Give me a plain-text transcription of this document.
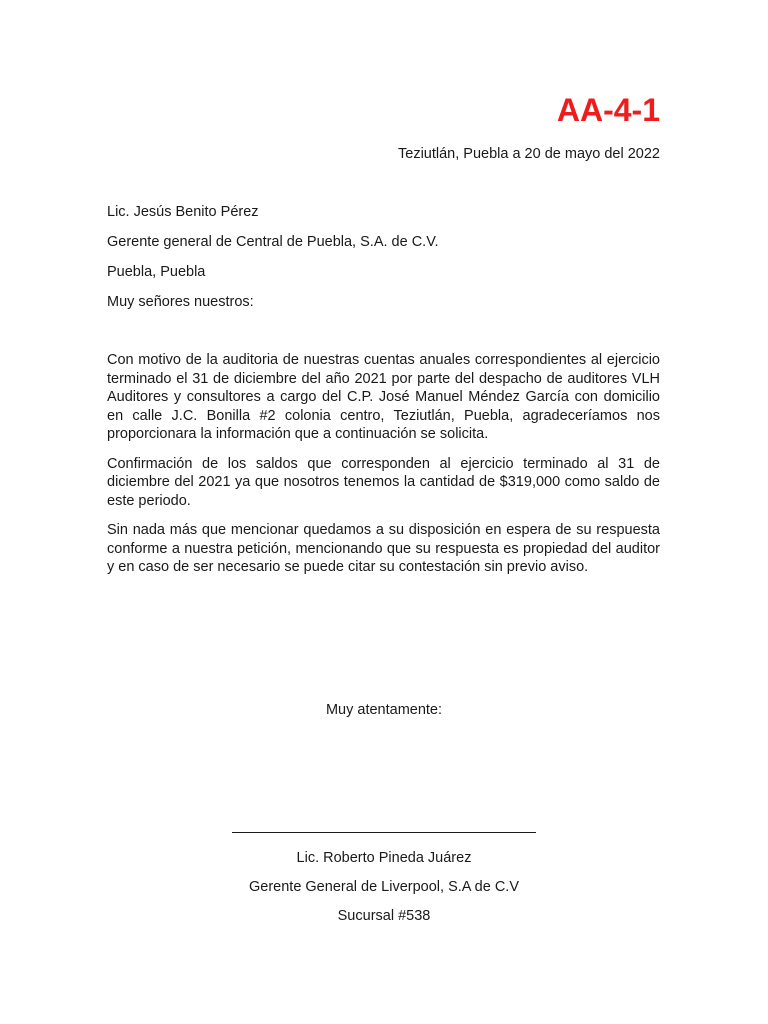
AA-4-1
Teziutlán, Puebla a 20 de mayo del 2022
Lic. Jesús Benito Pérez
Gerente general de Central de Puebla, S.A. de C.V.
Puebla, Puebla
Muy señores nuestros:

Con motivo de la auditoria de nuestras cuentas anuales correspondientes al ejercicio terminado el 31 de diciembre del año 2021 por parte del despacho de auditores VLH Auditores y consultores a cargo del C.P. José Manuel Méndez García con domicilio en calle J.C. Bonilla #2 colonia centro, Teziutlán, Puebla, agradeceríamos nos proporcionara la información que a continuación se solicita.

Confirmación de los saldos que corresponden al ejercicio terminado al 31 de diciembre del 2021 ya que nosotros tenemos la cantidad de $319,000 como saldo de este periodo.

Sin nada más que mencionar quedamos a su disposición en espera de su respuesta conforme a nuestra petición, mencionando que su respuesta es propiedad del auditor y en caso de ser necesario se puede citar su contestación sin previo aviso.

Muy atentamente:
Lic. Roberto Pineda Juárez
Gerente General de Liverpool, S.A de C.V
Sucursal #538
